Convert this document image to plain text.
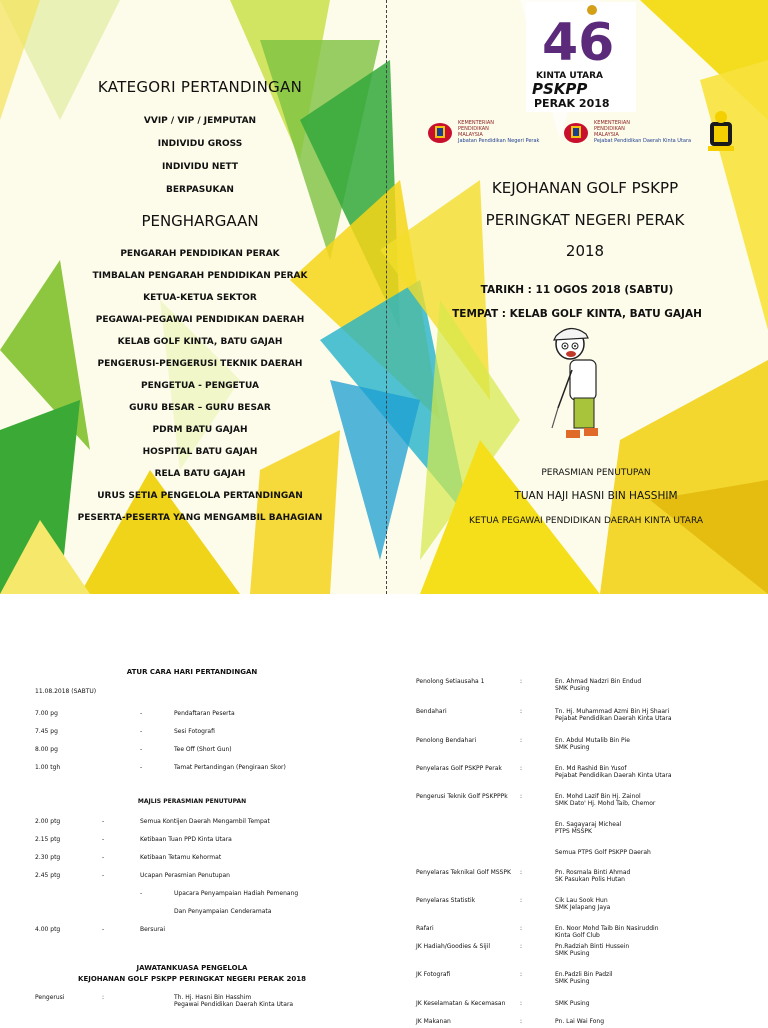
KATEGORI PERTANDINGAN
VVIP / VIP / JEMPUTAN
INDIVIDU GROSS
INDIVIDU NETT
BERPASUKAN
PENGHARGAAN
PENGARAH PENDIDIKAN PERAK
TIMBALAN PENGARAH PENDIDIKAN PERAK
KETUA-KETUA SEKTOR
PEGAWAI-PEGAWAI PENDIDIKAN DAERAH
KELAB GOLF KINTA, BATU GAJAH
PENGERUSI-PENGERUSI TEKNIK DAERAH
PENGETUA - PENGETUA
GURU BESAR – GURU BESAR
PDRM BATU GAJAH
HOSPITAL BATU GAJAH
RELA BATU GAJAH
URUS SETIA PENGELOLA PERTANDINGAN
PESERTA-PESERTA YANG MENGAMBIL BAHAGIAN
46
KINTA UTARA
PSKPP
PERAK 2018
KEMENTERIAN
PENDIDIKAN
MALAYSIA
Jabatan Pendidikan Negeri Perak
KEMENTERIAN
PENDIDIKAN
MALAYSIA
Pejabat Pendidikan Daerah Kinta Utara
KEJOHANAN GOLF PSKPP
PERINGKAT NEGERI PERAK
2018
TARIKH : 11 OGOS 2018 (SABTU)
TEMPAT : KELAB GOLF KINTA, BATU GAJAH
PERASMIAN PENUTUPAN
TUAN HAJI HASNI BIN HASSHIM
KETUA PEGAWAI PENDIDIKAN DAERAH KINTA UTARA
ATUR CARA HARI PERTANDINGAN
11.08.2018 (SABTU)
7.00 pg	-	Pendaftaran Peserta
7.45 pg	-	Sesi Fotografi
8.00 pg	-	Tee Off (Short Gun)
1.00 tgh	-	Tamat Pertandingan (Pengiraan Skor)
MAJLIS PERASMIAN PENUTUPAN
2.00 ptg	-	Semua Kontijen Daerah Mengambil Tempat
2.15 ptg	-	Ketibaan Tuan PPD Kinta Utara
2.30 ptg	-	Ketibaan Tetamu Kehormat
2.45 ptg	-	Ucapan Perasmian Penutupan
-	Upacara Penyampaian Hadiah Pemenang
Dan Penyampaian Cenderamata
4.00 ptg	-	Bersurai
JAWATANKUASA PENGELOLA
KEJOHANAN GOLF PSKPP PERINGKAT NEGERI PERAK 2018
Pengerusi	:	Th. Hj. Hasni Bin Hasshim
Pegawai Pendidikan Daerah Kinta Utara
Penolong Setiausaha 1	:	En. Ahmad Nadzri Bin Endud
SMK Pusing
Bendahari	:	Tn. Hj. Muhammad Azmi Bin Hj Shaari
Pejabat Pendidikan Daerah Kinta Utara
Penolong Bendahari	:	En. Abdul Mutalib Bin Pie
SMK Pusing
Penyelaras Golf PSKPP Perak	:	En. Md Rashid Bin Yusof
Pejabat Pendidikan Daerah Kinta Utara
Pengerusi Teknik Golf PSKPPPk :	En. Mohd Lazif Bin Hj. Zainol
SMK Dato' Hj. Mohd Taib, Chemor
En. Sagayaraj Micheal
PTPS MSSPK
Semua PTPS Golf PSKPP Daerah
Penyelaras Teknikal Golf MSSPK :	Pn. Rosmala Binti Ahmad
SK Pasukan Polis Hutan
Penyelaras Statistik	:	Cik Lau Sook Hun
SMK Jelapang Jaya
Rafari	:	En. Noor Mohd Taib Bin Nasiruddin
Kinta Golf Club
JK Hadiah/Goodies & Sijil	:	Pn.Radziah Binti Hussein
SMK Pusing
JK Fotografi	:	En.Padzli Bin Padzil
SMK Pusing
JK Keselamatan & Kecemasan :	SMK Pusing
JK Makanan	:	Pn. Lai Wai Fong
